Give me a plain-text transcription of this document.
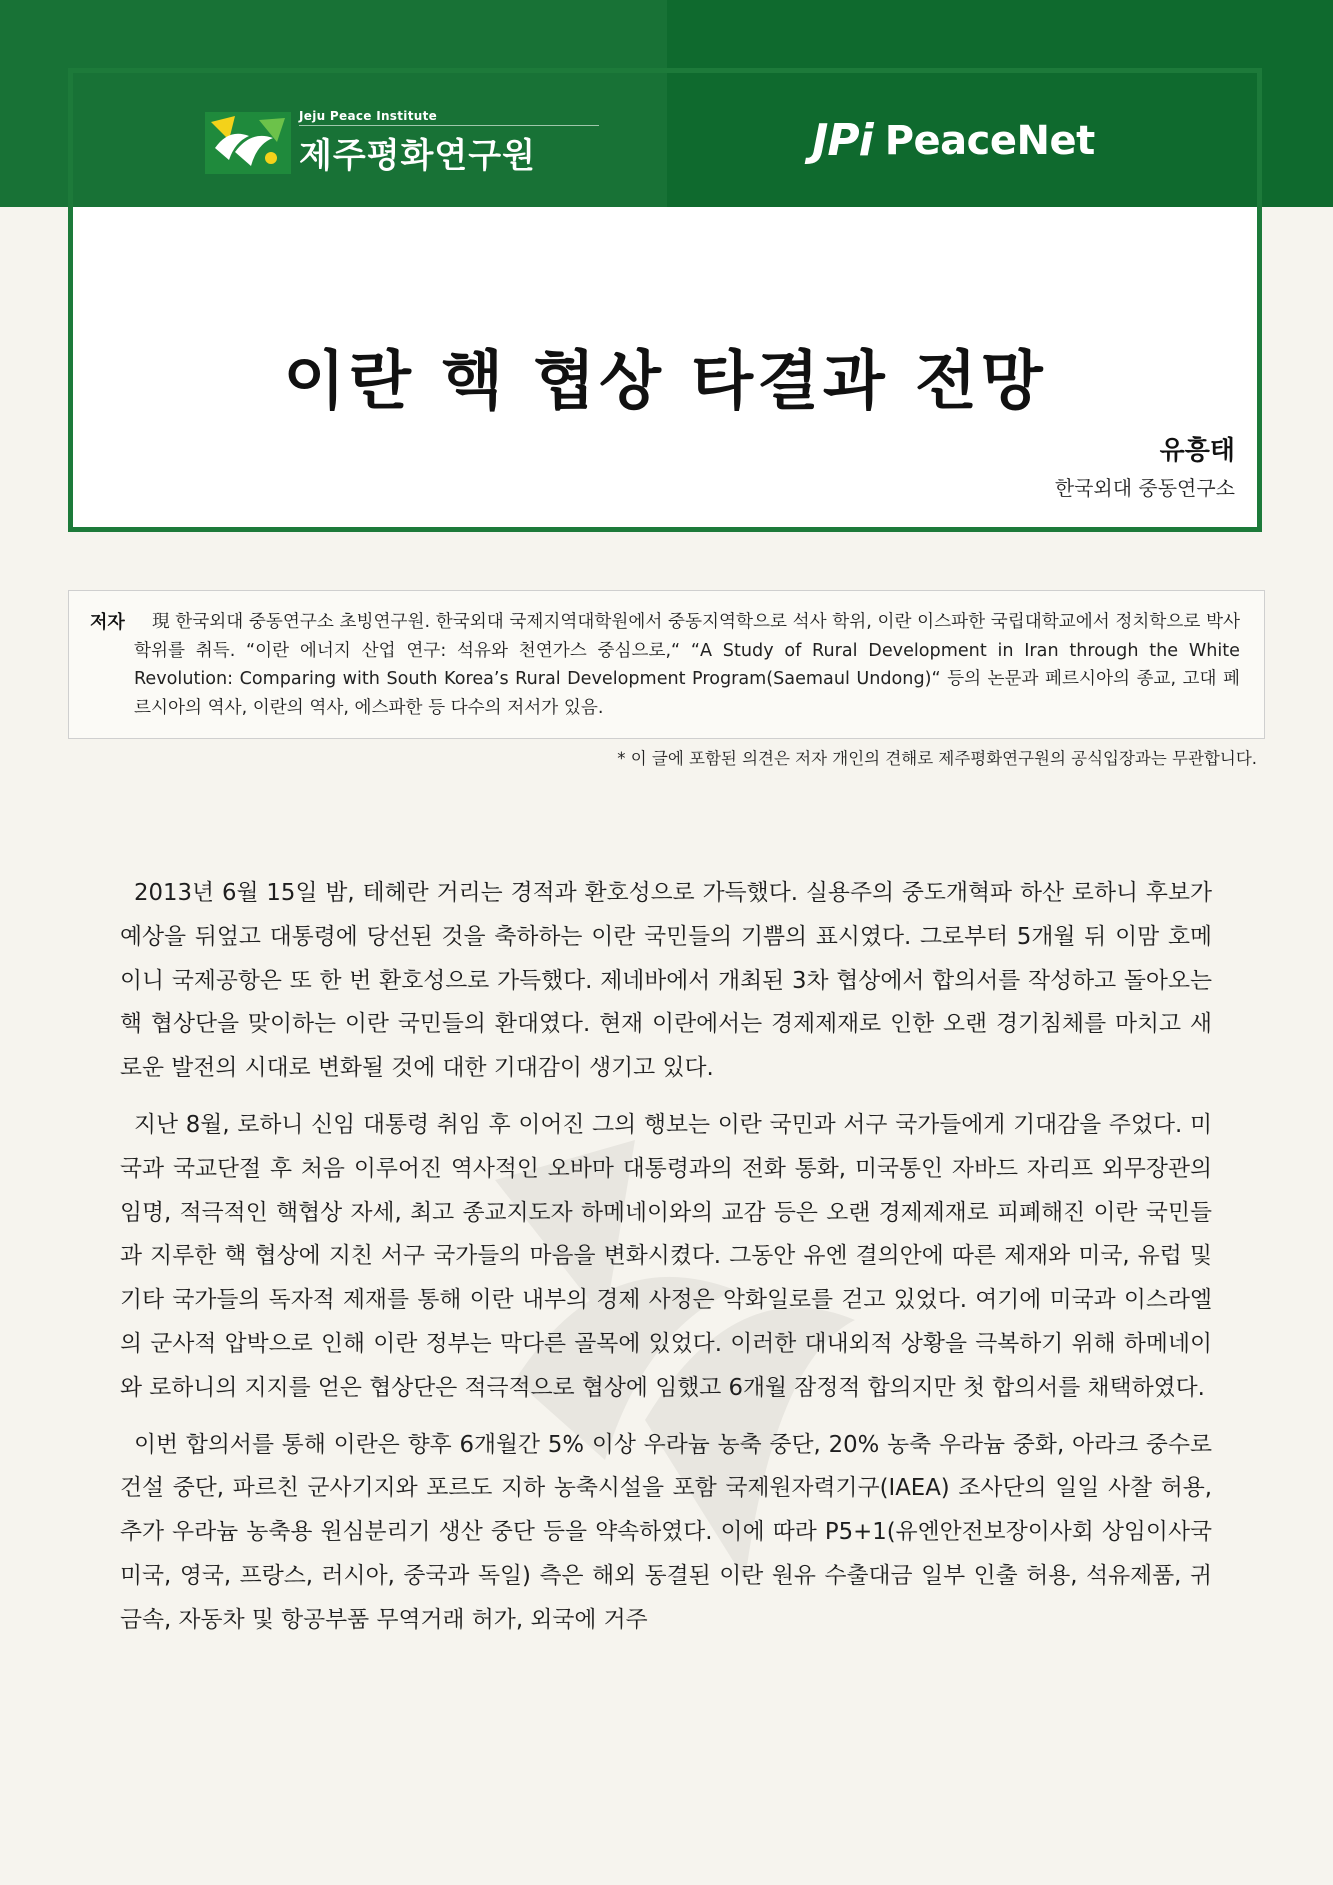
Jeju Peace Institute
제주평화연구원	JPi PeaceNet
이란 핵 협상 타결과 전망
유흥태
한국외대 중동연구소
저자	現 한국외대 중동연구소 초빙연구원. 한국외대 국제지역대학원에서 중동지역학으로 석사 학위, 이란 이스파한 국립대학교에서 정치학으로 박사학위를 취득. “이란 에너지 산업 연구: 석유와 천연가스 중심으로,“ “A Study of Rural Development in Iran through the White Revolution: Comparing with South Korea’s Rural Development Program(Saemaul Undong)“ 등의 논문과 페르시아의 종교, 고대 페르시아의 역사, 이란의 역사, 에스파한 등 다수의 저서가 있음.
* 이 글에 포함된 의견은 저자 개인의 견해로 제주평화연구원의 공식입장과는 무관합니다.

2013년 6월 15일 밤, 테헤란 거리는 경적과 환호성으로 가득했다. 실용주의 중도개혁파 하산 로하니 후보가 예상을 뒤엎고 대통령에 당선된 것을 축하하는 이란 국민들의 기쁨의 표시였다. 그로부터 5개월 뒤 이맘 호메이니 국제공항은 또 한 번 환호성으로 가득했다. 제네바에서 개최된 3차 협상에서 합의서를 작성하고 돌아오는 핵 협상단을 맞이하는 이란 국민들의 환대였다. 현재 이란에서는 경제제재로 인한 오랜 경기침체를 마치고 새로운 발전의 시대로 변화될 것에 대한 기대감이 생기고 있다.

지난 8월, 로하니 신임 대통령 취임 후 이어진 그의 행보는 이란 국민과 서구 국가들에게 기대감을 주었다. 미국과 국교단절 후 처음 이루어진 역사적인 오바마 대통령과의 전화 통화, 미국통인 자바드 자리프 외무장관의 임명, 적극적인 핵협상 자세, 최고 종교지도자 하메네이와의 교감 등은 오랜 경제제재로 피폐해진 이란 국민들과 지루한 핵 협상에 지친 서구 국가들의 마음을 변화시켰다. 그동안 유엔 결의안에 따른 제재와 미국, 유럽 및 기타 국가들의 독자적 제재를 통해 이란 내부의 경제 사정은 악화일로를 걷고 있었다. 여기에 미국과 이스라엘의 군사적 압박으로 인해 이란 정부는 막다른 골목에 있었다. 이러한 대내외적 상황을 극복하기 위해 하메네이와 로하니의 지지를 얻은 협상단은 적극적으로 협상에 임했고 6개월 잠정적 합의지만 첫 합의서를 채택하였다.

이번 합의서를 통해 이란은 향후 6개월간 5% 이상 우라늄 농축 중단, 20% 농축 우라늄 중화, 아라크 중수로 건설 중단, 파르친 군사기지와 포르도 지하 농축시설을 포함 국제원자력기구(IAEA) 조사단의 일일 사찰 허용, 추가 우라늄 농축용 원심분리기 생산 중단 등을 약속하였다. 이에 따라 P5+1(유엔안전보장이사회 상임이사국 미국, 영국, 프랑스, 러시아, 중국과 독일) 측은 해외 동결된 이란 원유 수출대금 일부 인출 허용, 석유제품, 귀금속, 자동차 및 항공부품 무역거래 허가, 외국에 거주
